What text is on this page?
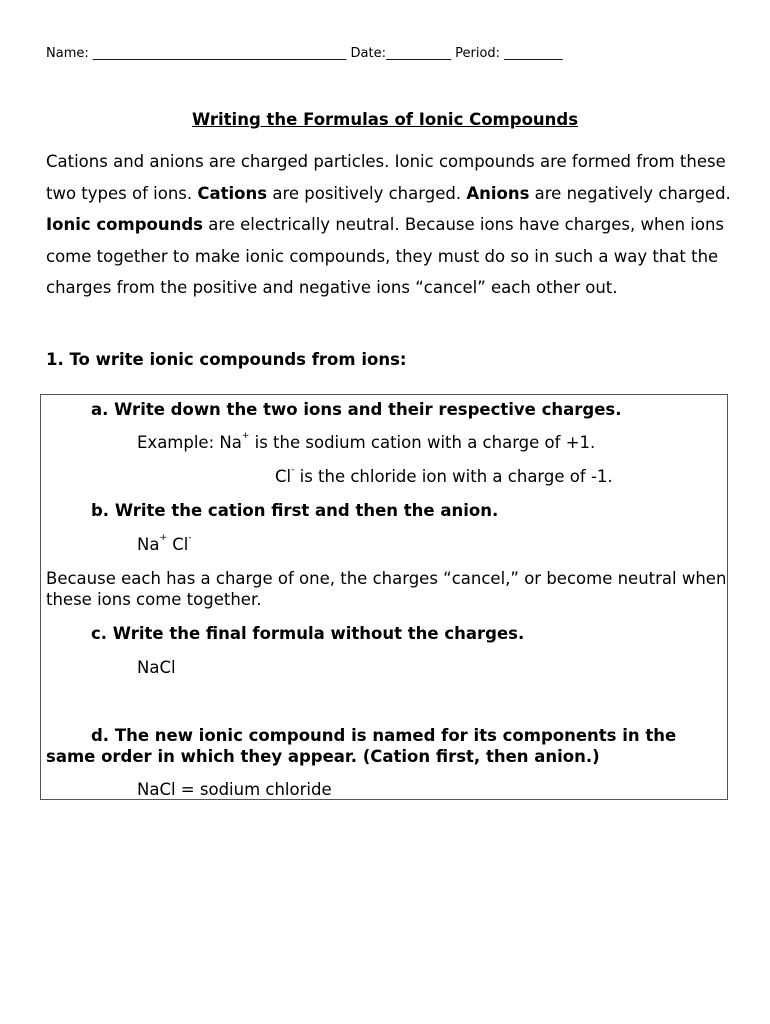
Name: _______________________________________ Date:__________ Period: _________
Writing the Formulas of Ionic Compounds

Cations and anions are charged particles. Ionic compounds are formed from these two types of ions. Cations are positively charged. Anions are negatively charged. Ionic compounds are electrically neutral. Because ions have charges, when ions come together to make ionic compounds, they must do so in such a way that the charges from the positive and negative ions “cancel” each other out.

1. To write ionic compounds from ions:
a. Write down the two ions and their respective charges.
Example: Na+ is the sodium cation with a charge of +1.
Cl- is the chloride ion with a charge of -1.
b. Write the cation first and then the anion.
Na+ Cl-

Because each has a charge of one, the charges “cancel,” or become neutral when these ions come together.

c. Write the final formula without the charges.
NaCl

d. The new ionic compound is named for its components in the same order in which they appear. (Cation first, then anion.)

NaCl = sodium chloride
